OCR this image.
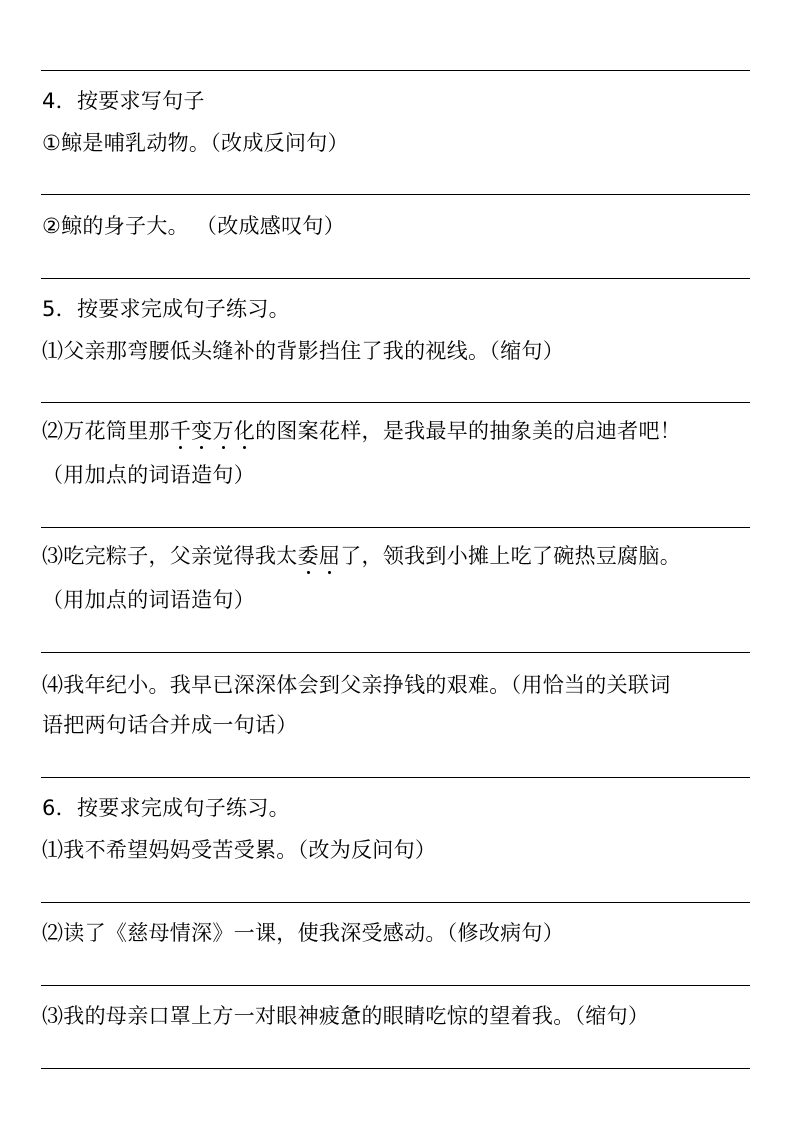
4．按要求写句子
①鲸是哺乳动物。（改成反问句）
②鲸的身子大。 （改成感叹句）
5．按要求完成句子练习。
⑴父亲那弯腰低头缝补的背影挡住了我的视线。（缩句）
⑵万花筒里那千变万化的图案花样，是我最早的抽象美的启迪者吧！
（用加点的词语造句）
⑶吃完粽子，父亲觉得我太委屈了，领我到小摊上吃了碗热豆腐脑。
（用加点的词语造句）
⑷我年纪小。我早已深深体会到父亲挣钱的艰难。（用恰当的关联词
语把两句话合并成一句话）
6．按要求完成句子练习。
⑴我不希望妈妈受苦受累。（改为反问句）
⑵读了《慈母情深》一课，使我深受感动。（修改病句）
⑶我的母亲口罩上方一对眼神疲惫的眼睛吃惊的望着我。（缩句）
